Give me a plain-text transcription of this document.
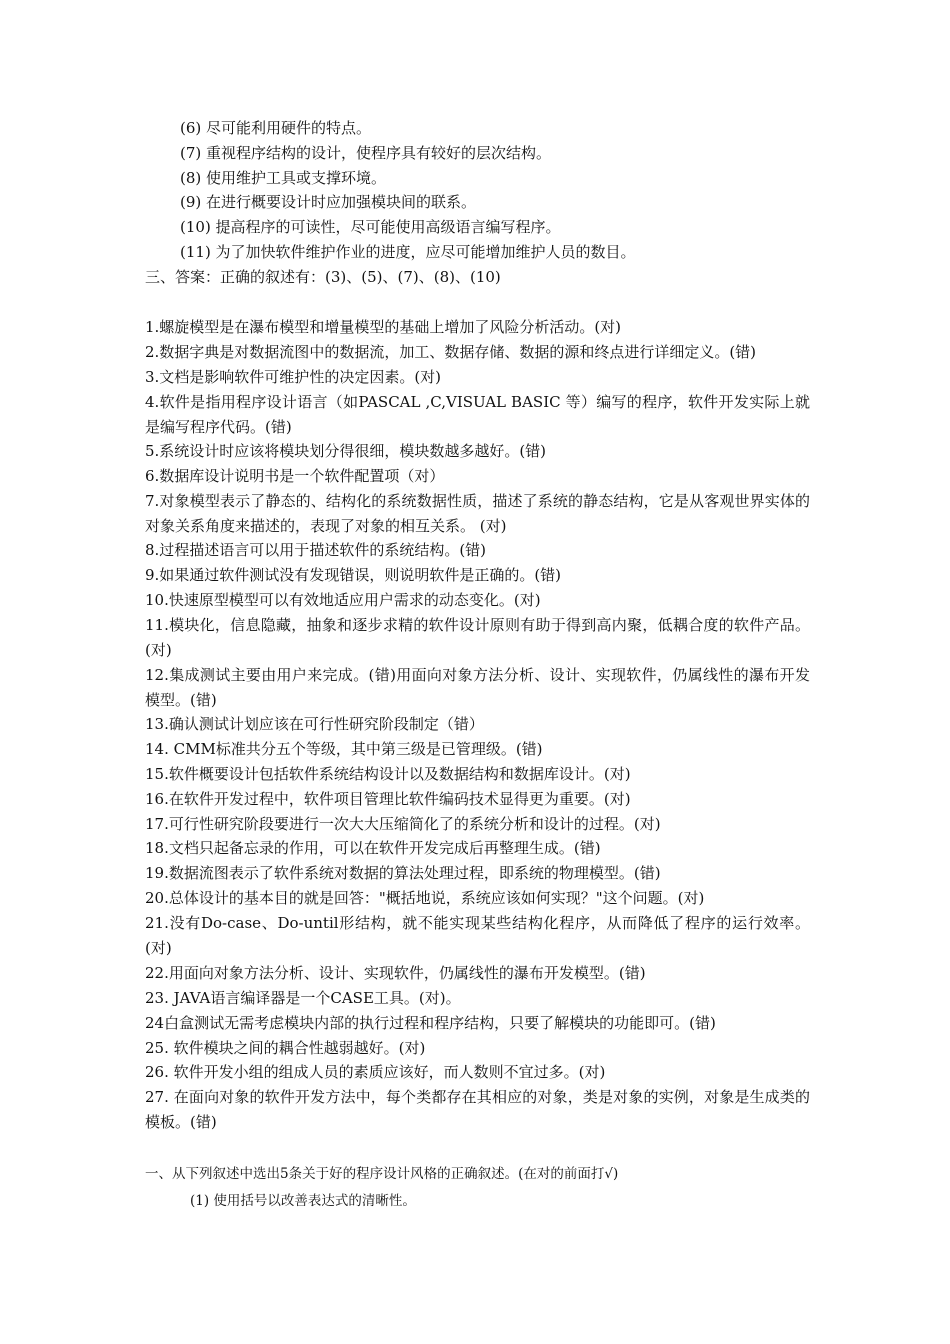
(6) 尽可能利用硬件的特点。
(7) 重视程序结构的设计，使程序具有较好的层次结构。
(8) 使用维护工具或支撑环境。
(9) 在进行概要设计时应加强模块间的联系。
(10) 提高程序的可读性，尽可能使用高级语言编写程序。
(11) 为了加快软件维护作业的进度，应尽可能增加维护人员的数目。
三、答案：正确的叙述有：(3)、(5)、(7)、(8)、(10)
1.螺旋模型是在瀑布模型和增量模型的基础上增加了风险分析活动。(对)
2.数据字典是对数据流图中的数据流，加工、数据存储、数据的源和终点进行详细定义。(错)
3.文档是影响软件可维护性的决定因素。(对)
4.软件是指用程序设计语言（如PASCAL ,C,VISUAL BASIC 等）编写的程序，软件开发实际上就是编写程序代码。(错)
5.系统设计时应该将模块划分得很细，模块数越多越好。(错)
6.数据库设计说明书是一个软件配置项（对）
7.对象模型表示了静态的、结构化的系统数据性质，描述了系统的静态结构，它是从客观世界实体的对象关系角度来描述的，表现了对象的相互关系。 (对)
8.过程描述语言可以用于描述软件的系统结构。(错)
9.如果通过软件测试没有发现错误，则说明软件是正确的。(错)
10.快速原型模型可以有效地适应用户需求的动态变化。(对)
11.模块化，信息隐藏，抽象和逐步求精的软件设计原则有助于得到高内聚，低耦合度的软件产品。(对)
12.集成测试主要由用户来完成。(错)用面向对象方法分析、设计、实现软件，仍属线性的瀑布开发模型。(错)
13.确认测试计划应该在可行性研究阶段制定（错）
14. CMM标准共分五个等级，其中第三级是已管理级。(错)
15.软件概要设计包括软件系统结构设计以及数据结构和数据库设计。(对)
16.在软件开发过程中，软件项目管理比软件编码技术显得更为重要。(对)
17.可行性研究阶段要进行一次大大压缩简化了的系统分析和设计的过程。(对)
18.文档只起备忘录的作用，可以在软件开发完成后再整理生成。(错)
19.数据流图表示了软件系统对数据的算法处理过程，即系统的物理模型。(错)
20.总体设计的基本目的就是回答："概括地说，系统应该如何实现？"这个问题。(对)
21.没有Do-case、Do-until形结构，就不能实现某些结构化程序，从而降低了程序的运行效率。(对)
22.用面向对象方法分析、设计、实现软件，仍属线性的瀑布开发模型。(错)
23. JAVA语言编译器是一个CASE工具。(对)。
24白盒测试无需考虑模块内部的执行过程和程序结构，只要了解模块的功能即可。(错)
25. 软件模块之间的耦合性越弱越好。(对)
26. 软件开发小组的组成人员的素质应该好，而人数则不宜过多。(对)
27. 在面向对象的软件开发方法中，每个类都存在其相应的对象，类是对象的实例，对象是生成类的模板。(错)
一、从下列叙述中选出5条关于好的程序设计风格的正确叙述。(在对的前面打√)
(1) 使用括号以改善表达式的清晰性。
